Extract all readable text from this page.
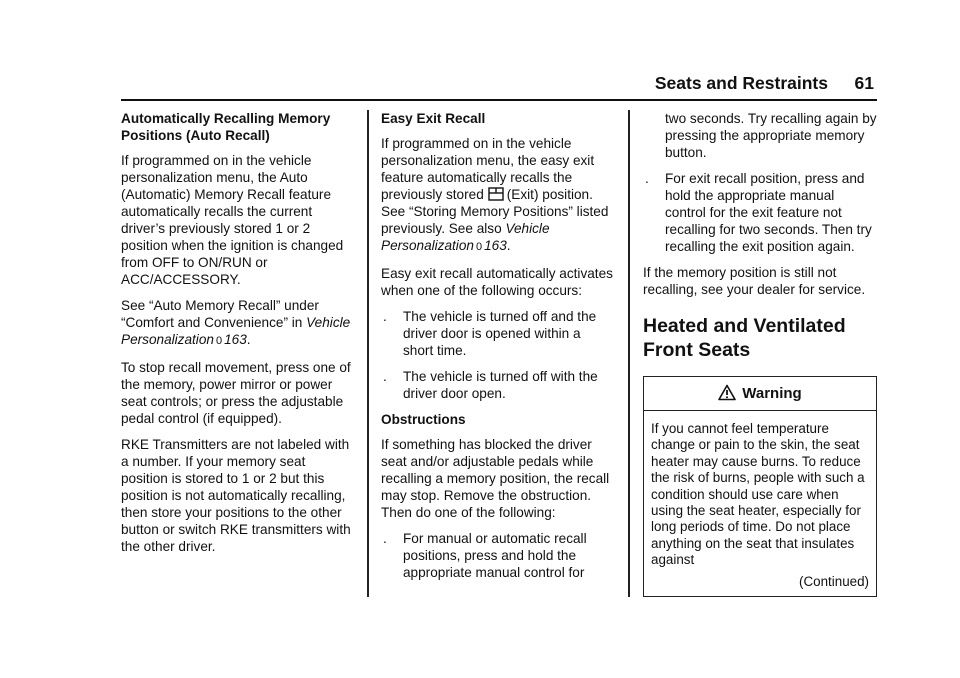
Seats and Restraints 61

Automatically Recalling Memory Positions (Auto Recall)

If programmed on in the vehicle personalization menu, the Auto (Automatic) Memory Recall feature automatically recalls the current driver’s previously stored 1 or 2 position when the ignition is changed from OFF to ON/RUN or ACC/ACCESSORY.

See “Auto Memory Recall” under “Comfort and Convenience” in Vehicle Personalization 0 163.

To stop recall movement, press one of the memory, power mirror or power seat controls; or press the adjustable pedal control (if equipped).

RKE Transmitters are not labeled with a number. If your memory seat position is stored to 1 or 2 but this position is not automatically recalling, then store your positions to the other button or switch RKE transmitters with the other driver.

Easy Exit Recall

If programmed on in the vehicle personalization menu, the easy exit feature automatically recalls the previously stored (Exit) position. See “Storing Memory Positions” listed previously. See also Vehicle Personalization 0 163.

Easy exit recall automatically activates when one of the following occurs:

. The vehicle is turned off and the driver door is opened within a short time.
. The vehicle is turned off with the driver door open.

Obstructions

If something has blocked the driver seat and/or adjustable pedals while recalling a memory position, the recall may stop. Remove the obstruction. Then do one of the following:

. For manual or automatic recall positions, press and hold the appropriate manual control for

two seconds. Try recalling again by pressing the appropriate memory button.

. For exit recall position, press and hold the appropriate manual control for the exit feature not recalling for two seconds. Then try recalling the exit position again.

If the memory position is still not recalling, see your dealer for service.

Heated and Ventilated Front Seats
Warning
If you cannot feel temperature change or pain to the skin, the seat heater may cause burns. To reduce the risk of burns, people with such a condition should use care when using the seat heater, especially for long periods of time. Do not place anything on the seat that insulates against
(Continued)
